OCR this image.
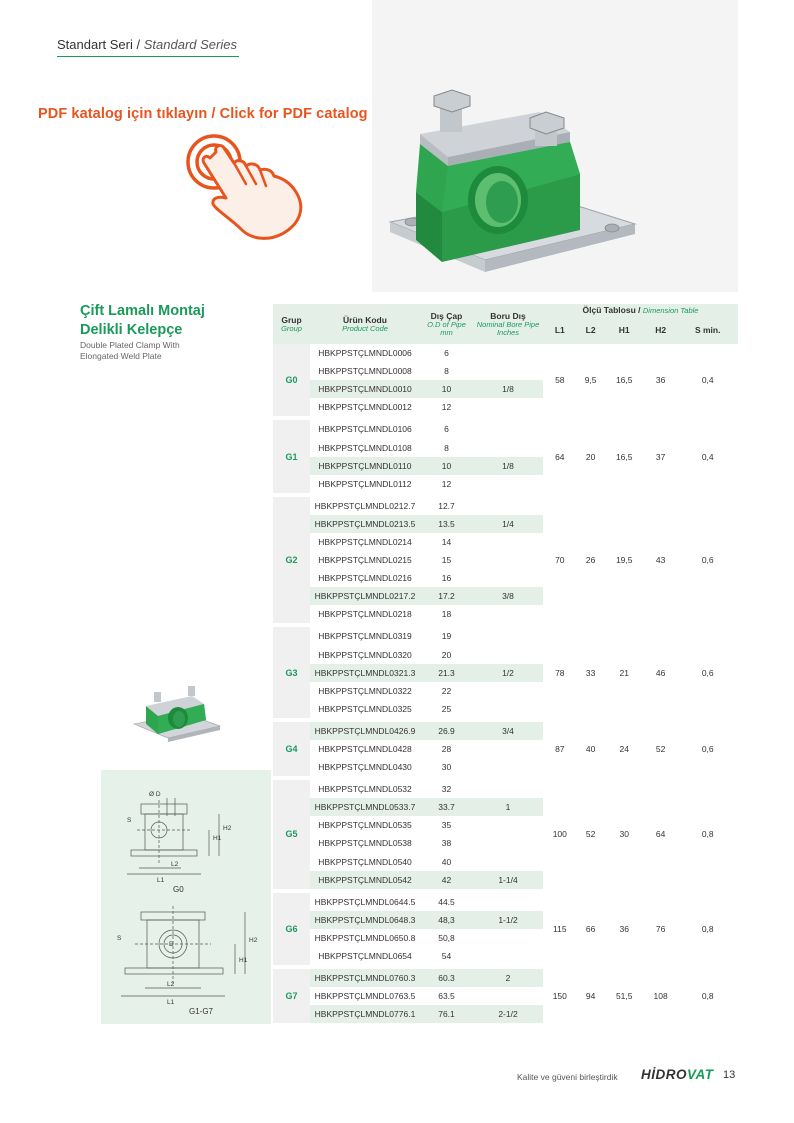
Standart Seri / Standard Series
PDF katalog için tıklayın / Click for PDF catalog
Çift Lamalı Montaj
Delikli Kelepçe
Double Plated Clamp With
Elongated Weld Plate
Ø D
S
H1
H2
L1
L2
D
S
H1
H2
L1
L2
G0
G1-G7
Grup
Group	Ürün Kodu
Product Code	Dış Çap
O.D of Pipe mm	Boru Dış
Nominal Bore Pipe Inches	Ölçü Tablosu / Dimension Table				
				L1	L2	H1	H2	S min.
G0	HBKPPSTÇLMNDL0006	6		58	9,5	16,5	36	0,4
	HBKPPSTÇLMNDL0008	8						
	HBKPPSTÇLMNDL0010	10	1/8					
	HBKPPSTÇLMNDL0012	12						

G1	HBKPPSTÇLMNDL0106	6		64	20	16,5	37	0,4
	HBKPPSTÇLMNDL0108	8						
	HBKPPSTÇLMNDL0110	10	1/8					
	HBKPPSTÇLMNDL0112	12						

G2	HBKPPSTÇLMNDL0212.7	12.7		70	26	19,5	43	0,6
	HBKPPSTÇLMNDL0213.5	13.5	1/4					
	HBKPPSTÇLMNDL0214	14						
	HBKPPSTÇLMNDL0215	15						
	HBKPPSTÇLMNDL0216	16						
	HBKPPSTÇLMNDL0217.2	17.2	3/8					
	HBKPPSTÇLMNDL0218	18						

G3	HBKPPSTÇLMNDL0319	19		78	33	21	46	0,6
	HBKPPSTÇLMNDL0320	20						
	HBKPPSTÇLMNDL0321.3	21.3	1/2					
	HBKPPSTÇLMNDL0322	22						
	HBKPPSTÇLMNDL0325	25						

G4	HBKPPSTÇLMNDL0426.9	26.9	3/4	87	40	24	52	0,6
	HBKPPSTÇLMNDL0428	28						
	HBKPPSTÇLMNDL0430	30						

G5	HBKPPSTÇLMNDL0532	32		100	52	30	64	0,8
	HBKPPSTÇLMNDL0533.7	33.7	1					
	HBKPPSTÇLMNDL0535	35						
	HBKPPSTÇLMNDL0538	38						
	HBKPPSTÇLMNDL0540	40						
	HBKPPSTÇLMNDL0542	42	1-1/4					

G6	HBKPPSTÇLMNDL0644.5	44.5		115	66	36	76	0,8
	HBKPPSTÇLMNDL0648.3	48,3	1-1/2					
	HBKPPSTÇLMNDL0650.8	50,8						
	HBKPPSTÇLMNDL0654	54						

G7	HBKPPSTÇLMNDL0760.3	60.3	2	150	94	51,5	108	0,8
	HBKPPSTÇLMNDL0763.5	63.5						
	HBKPPSTÇLMNDL0776.1	76.1	2-1/2					
Kalite ve güveni birleştirdik HİDROVAT 13
